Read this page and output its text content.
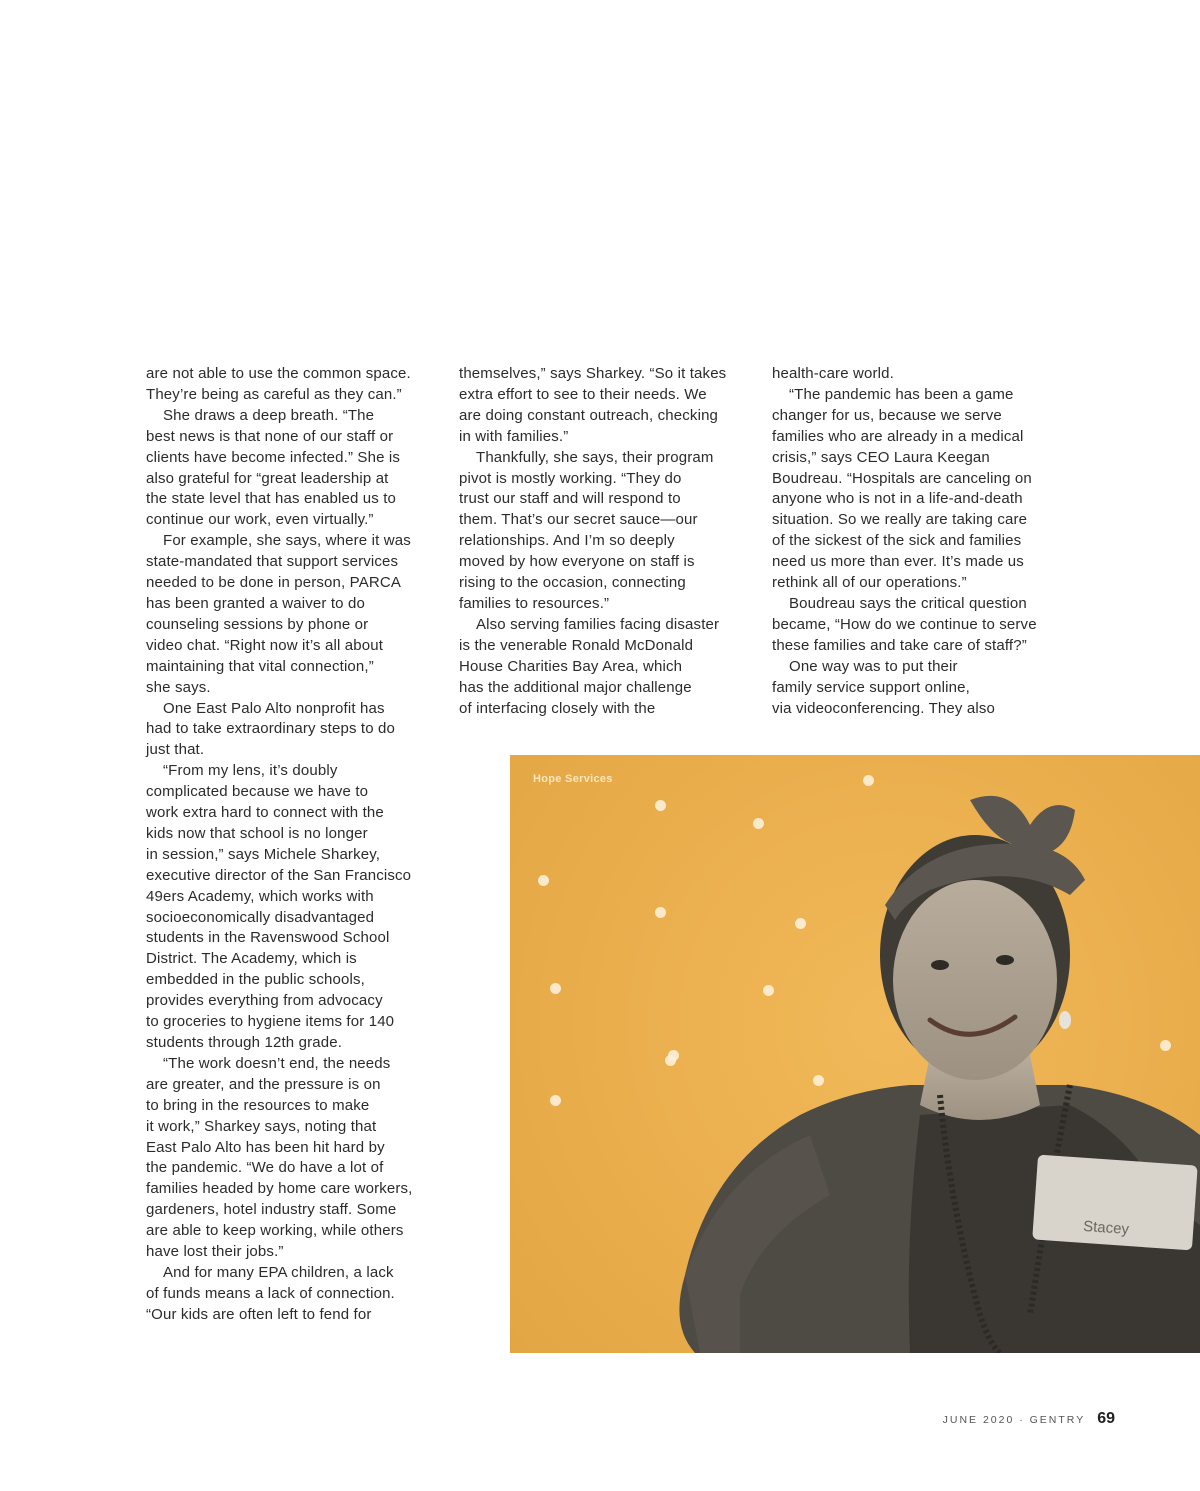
are not able to use the common space.
They’re being as careful as they can.”
She draws a deep breath. “The
best news is that none of our staff or
clients have become infected.” She is
also grateful for “great leadership at
the state level that has enabled us to
continue our work, even virtually.”
For example, she says, where it was
state-mandated that support services
needed to be done in person, PARCA
has been granted a waiver to do
counseling sessions by phone or
video chat. “Right now it’s all about
maintaining that vital connection,”
she says.
One East Palo Alto nonprofit has
had to take extraordinary steps to do
just that.
“From my lens, it’s doubly
complicated because we have to
work extra hard to connect with the
kids now that school is no longer
in session,” says Michele Sharkey,
executive director of the San Francisco
49ers Academy, which works with
socioeconomically disadvantaged
students in the Ravenswood School
District. The Academy, which is
embedded in the public schools,
provides everything from advocacy
to groceries to hygiene items for 140
students through 12th grade.
“The work doesn’t end, the needs
are greater, and the pressure is on
to bring in the resources to make
it work,” Sharkey says, noting that
East Palo Alto has been hit hard by
the pandemic. “We do have a lot of
families headed by home care workers,
gardeners, hotel industry staff. Some
are able to keep working, while others
have lost their jobs.”
And for many EPA children, a lack
of funds means a lack of connection.
“Our kids are often left to fend for
themselves,” says Sharkey. “So it takes
extra effort to see to their needs. We
are doing constant outreach, checking
in with families.”
Thankfully, she says, their program
pivot is mostly working. “They do
trust our staff and will respond to
them. That’s our secret sauce—our
relationships. And I’m so deeply
moved by how everyone on staff is
rising to the occasion, connecting
families to resources.”
Also serving families facing disaster
is the venerable Ronald McDonald
House Charities Bay Area, which
has the additional major challenge
of interfacing closely with the
health-care world.
“The pandemic has been a game
changer for us, because we serve
families who are already in a medical
crisis,” says CEO Laura Keegan
Boudreau. “Hospitals are canceling on
anyone who is not in a life-and-death
situation. So we really are taking care
of the sickest of the sick and families
need us more than ever. It’s made us
rethink all of our operations.”
Boudreau says the critical question
became, “How do we continue to serve
these families and take care of staff?”
One way was to put their
family service support online,
via videoconferencing. They also
Hope Services
Stacey
JUNE 2020 · GENTRY 69
